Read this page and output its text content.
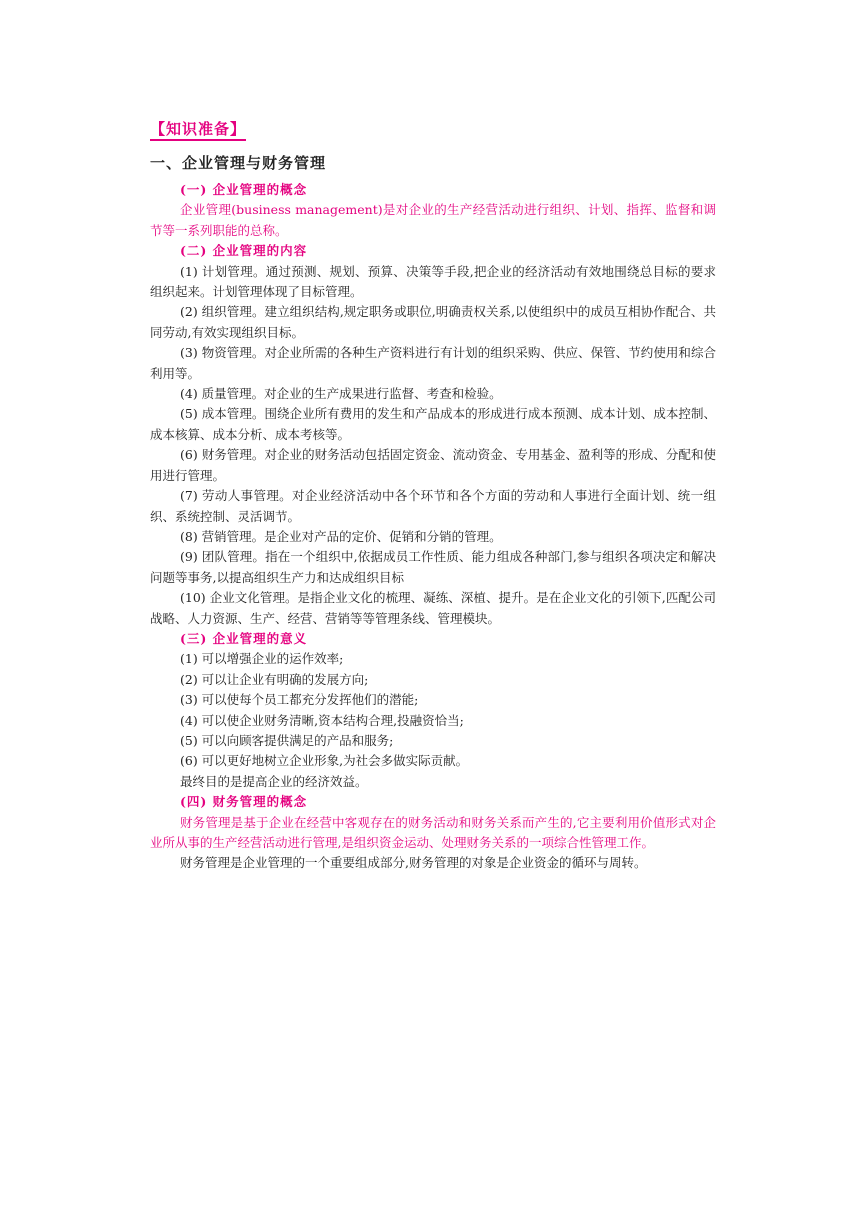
【知识准备】
一、企业管理与财务管理
(一) 企业管理的概念

企业管理(business management)是对企业的生产经营活动进行组织、计划、指挥、监督和调节等一系列职能的总称。

(二) 企业管理的内容

(1) 计划管理。通过预测、规划、预算、决策等手段,把企业的经济活动有效地围绕总目标的要求组织起来。计划管理体现了目标管理。

(2) 组织管理。建立组织结构,规定职务或职位,明确责权关系,以使组织中的成员互相协作配合、共同劳动,有效实现组织目标。

(3) 物资管理。对企业所需的各种生产资料进行有计划的组织采购、供应、保管、节约使用和综合利用等。

(4) 质量管理。对企业的生产成果进行监督、考查和检验。

(5) 成本管理。围绕企业所有费用的发生和产品成本的形成进行成本预测、成本计划、成本控制、成本核算、成本分析、成本考核等。

(6) 财务管理。对企业的财务活动包括固定资金、流动资金、专用基金、盈利等的形成、分配和使用进行管理。

(7) 劳动人事管理。对企业经济活动中各个环节和各个方面的劳动和人事进行全面计划、统一组织、系统控制、灵活调节。

(8) 营销管理。是企业对产品的定价、促销和分销的管理。

(9) 团队管理。指在一个组织中,依据成员工作性质、能力组成各种部门,参与组织各项决定和解决问题等事务,以提高组织生产力和达成组织目标

(10) 企业文化管理。是指企业文化的梳理、凝练、深植、提升。是在企业文化的引领下,匹配公司战略、人力资源、生产、经营、营销等等管理条线、管理模块。

(三) 企业管理的意义
(1) 可以增强企业的运作效率;
(2) 可以让企业有明确的发展方向;
(3) 可以使每个员工都充分发挥他们的潜能;
(4) 可以使企业财务清晰,资本结构合理,投融资恰当;
(5) 可以向顾客提供满足的产品和服务;
(6) 可以更好地树立企业形象,为社会多做实际贡献。
最终目的是提高企业的经济效益。
(四) 财务管理的概念

财务管理是基于企业在经营中客观存在的财务活动和财务关系而产生的,它主要利用价值形式对企业所从事的生产经营活动进行管理,是组织资金运动、处理财务关系的一项综合性管理工作。

财务管理是企业管理的一个重要组成部分,财务管理的对象是企业资金的循环与周转。
